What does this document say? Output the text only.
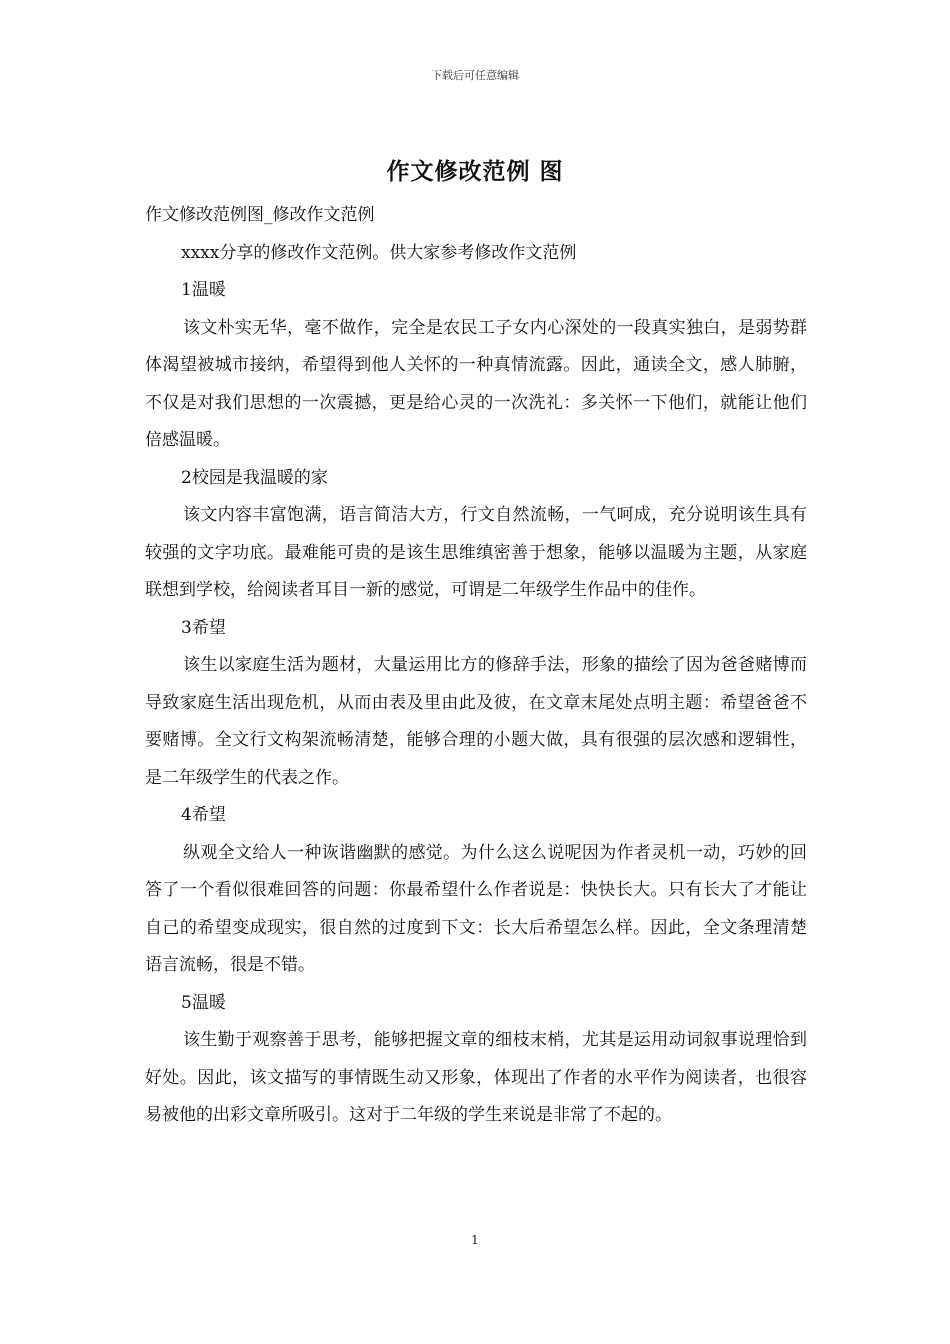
下载后可任意编辑
作文修改范例 图

作文修改范例图_修改作文范例

xxxx分享的修改作文范例。供大家参考修改作文范例

1温暖

该文朴实无华，毫不做作，完全是农民工子女内心深处的一段真实独白，是弱势群体渴望被城市接纳，希望得到他人关怀的一种真情流露。因此，通读全文，感人肺腑，不仅是对我们思想的一次震撼，更是给心灵的一次洗礼：多关怀一下他们，就能让他们倍感温暖。

2校园是我温暖的家

该文内容丰富饱满，语言简洁大方，行文自然流畅，一气呵成，充分说明该生具有较强的文字功底。最难能可贵的是该生思维缜密善于想象，能够以温暖为主题，从家庭联想到学校，给阅读者耳目一新的感觉，可谓是二年级学生作品中的佳作。

3希望

该生以家庭生活为题材，大量运用比方的修辞手法，形象的描绘了因为爸爸赌博而导致家庭生活出现危机，从而由表及里由此及彼，在文章末尾处点明主题：希望爸爸不要赌博。全文行文构架流畅清楚，能够合理的小题大做，具有很强的层次感和逻辑性，是二年级学生的代表之作。

4希望

纵观全文给人一种诙谐幽默的感觉。为什么这么说呢因为作者灵机一动，巧妙的回答了一个看似很难回答的问题：你最希望什么作者说是：快快长大。只有长大了才能让自己的希望变成现实，很自然的过度到下文：长大后希望怎么样。因此，全文条理清楚语言流畅，很是不错。

5温暖

该生勤于观察善于思考，能够把握文章的细枝末梢，尤其是运用动词叙事说理恰到好处。因此，该文描写的事情既生动又形象，体现出了作者的水平作为阅读者，也很容易被他的出彩文章所吸引。这对于二年级的学生来说是非常了不起的。

1
